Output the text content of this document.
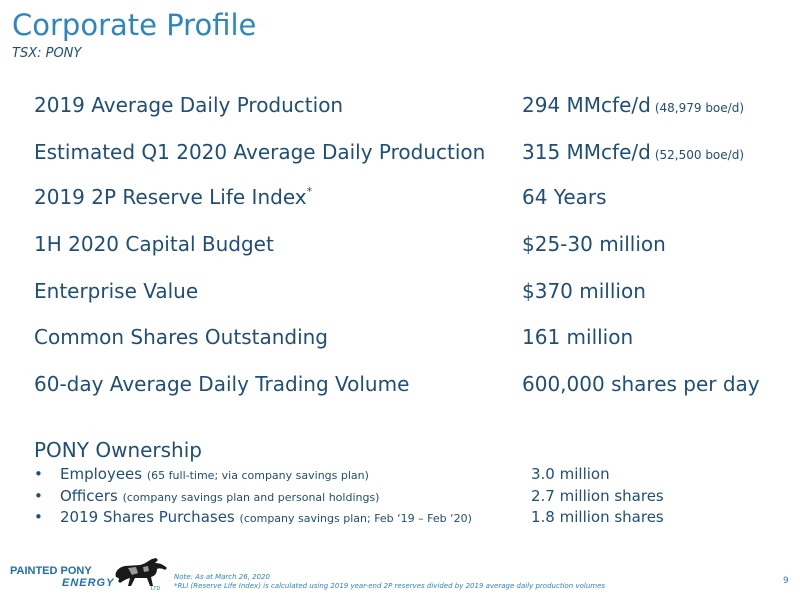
Corporate Profile
TSX: PONY
2019 Average Daily Production	294 MMcfe/d (48,979 boe/d)
Estimated Q1 2020 Average Daily Production 315 MMcfe/d (52,500 boe/d)
2019 2P Reserve Life Index*	64 Years
1H 2020 Capital Budget	$25-30 million
Enterprise Value	$370 million
Common Shares Outstanding	161 million
60-day Average Daily Trading Volume	600,000 shares per day
PONY Ownership
• Employees (65 full-time; via company savings plan)	3.0 million
• Officers (company savings plan and personal holdings)	2.7 million shares
• 2019 Shares Purchases (company savings plan; Feb ‘19 – Feb ‘20)	1.8 million shares
PAINTED PONY
ENERGY	LTD
Note: As at March 26, 2020
*RLI (Reserve Life Index) is calculated using 2019 year-end 2P reserves divided by 2019 average daily production volumes	9
